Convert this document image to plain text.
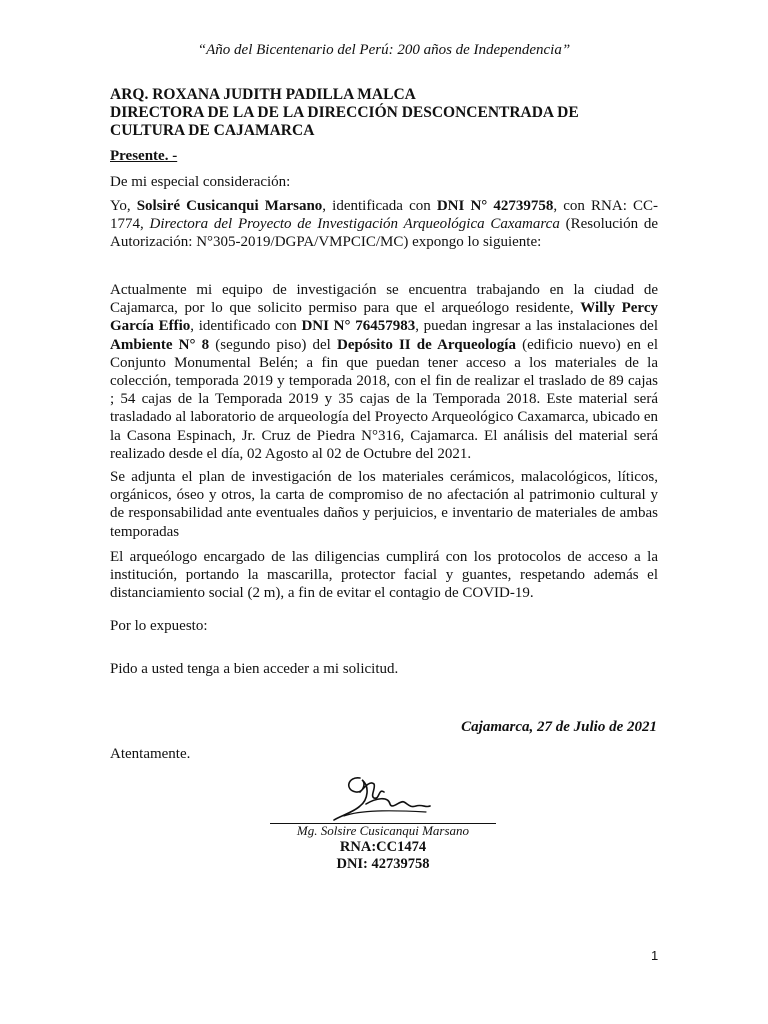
“Año del Bicentenario del Perú: 200 años de Independencia”
ARQ. ROXANA JUDITH PADILLA MALCA
DIRECTORA DE LA DE LA DIRECCIÓN DESCONCENTRADA DE
CULTURA DE CAJAMARCA
Presente. -
De mi especial consideración:
Yo, Solsiré Cusicanqui Marsano, identificada con DNI N° 42739758, con RNA: CC-1774, Directora del Proyecto de Investigación Arqueológica Caxamarca (Resolución de Autorización: N°305-2019/DGPA/VMPCIC/MC) expongo lo siguiente:
Actualmente mi equipo de investigación se encuentra trabajando en la ciudad de Cajamarca, por lo que solicito permiso para que el arqueólogo residente, Willy Percy García Effio, identificado con DNI N° 76457983, puedan ingresar a las instalaciones del Ambiente N° 8 (segundo piso) del Depósito II de Arqueología (edificio nuevo) en el Conjunto Monumental Belén; a fin que puedan tener acceso a los materiales de la colección, temporada 2019 y temporada 2018, con el fin de realizar el traslado de 89 cajas ; 54 cajas de la Temporada 2019 y 35 cajas de la Temporada 2018. Este material será trasladado al laboratorio de arqueología del Proyecto Arqueológico Caxamarca, ubicado en la Casona Espinach, Jr. Cruz de Piedra N°316, Cajamarca. El análisis del material será realizado desde el día, 02 Agosto al 02 de Octubre del 2021.
Se adjunta el plan de investigación de los materiales cerámicos, malacológicos, líticos, orgánicos, óseo y otros, la carta de compromiso de no afectación al patrimonio cultural y de responsabilidad ante eventuales daños y perjuicios, e inventario de materiales de ambas temporadas
El arqueólogo encargado de las diligencias cumplirá con los protocolos de acceso a la institución, portando la mascarilla, protector facial y guantes, respetando además el distanciamiento social (2 m), a fin de evitar el contagio de COVID-19.
Por lo expuesto:
Pido a usted tenga a bien acceder a mi solicitud.
Cajamarca, 27 de Julio de 2021
Atentamente.
Mg. Solsire Cusicanqui Marsano
RNA:CC1474
DNI: 42739758
1
